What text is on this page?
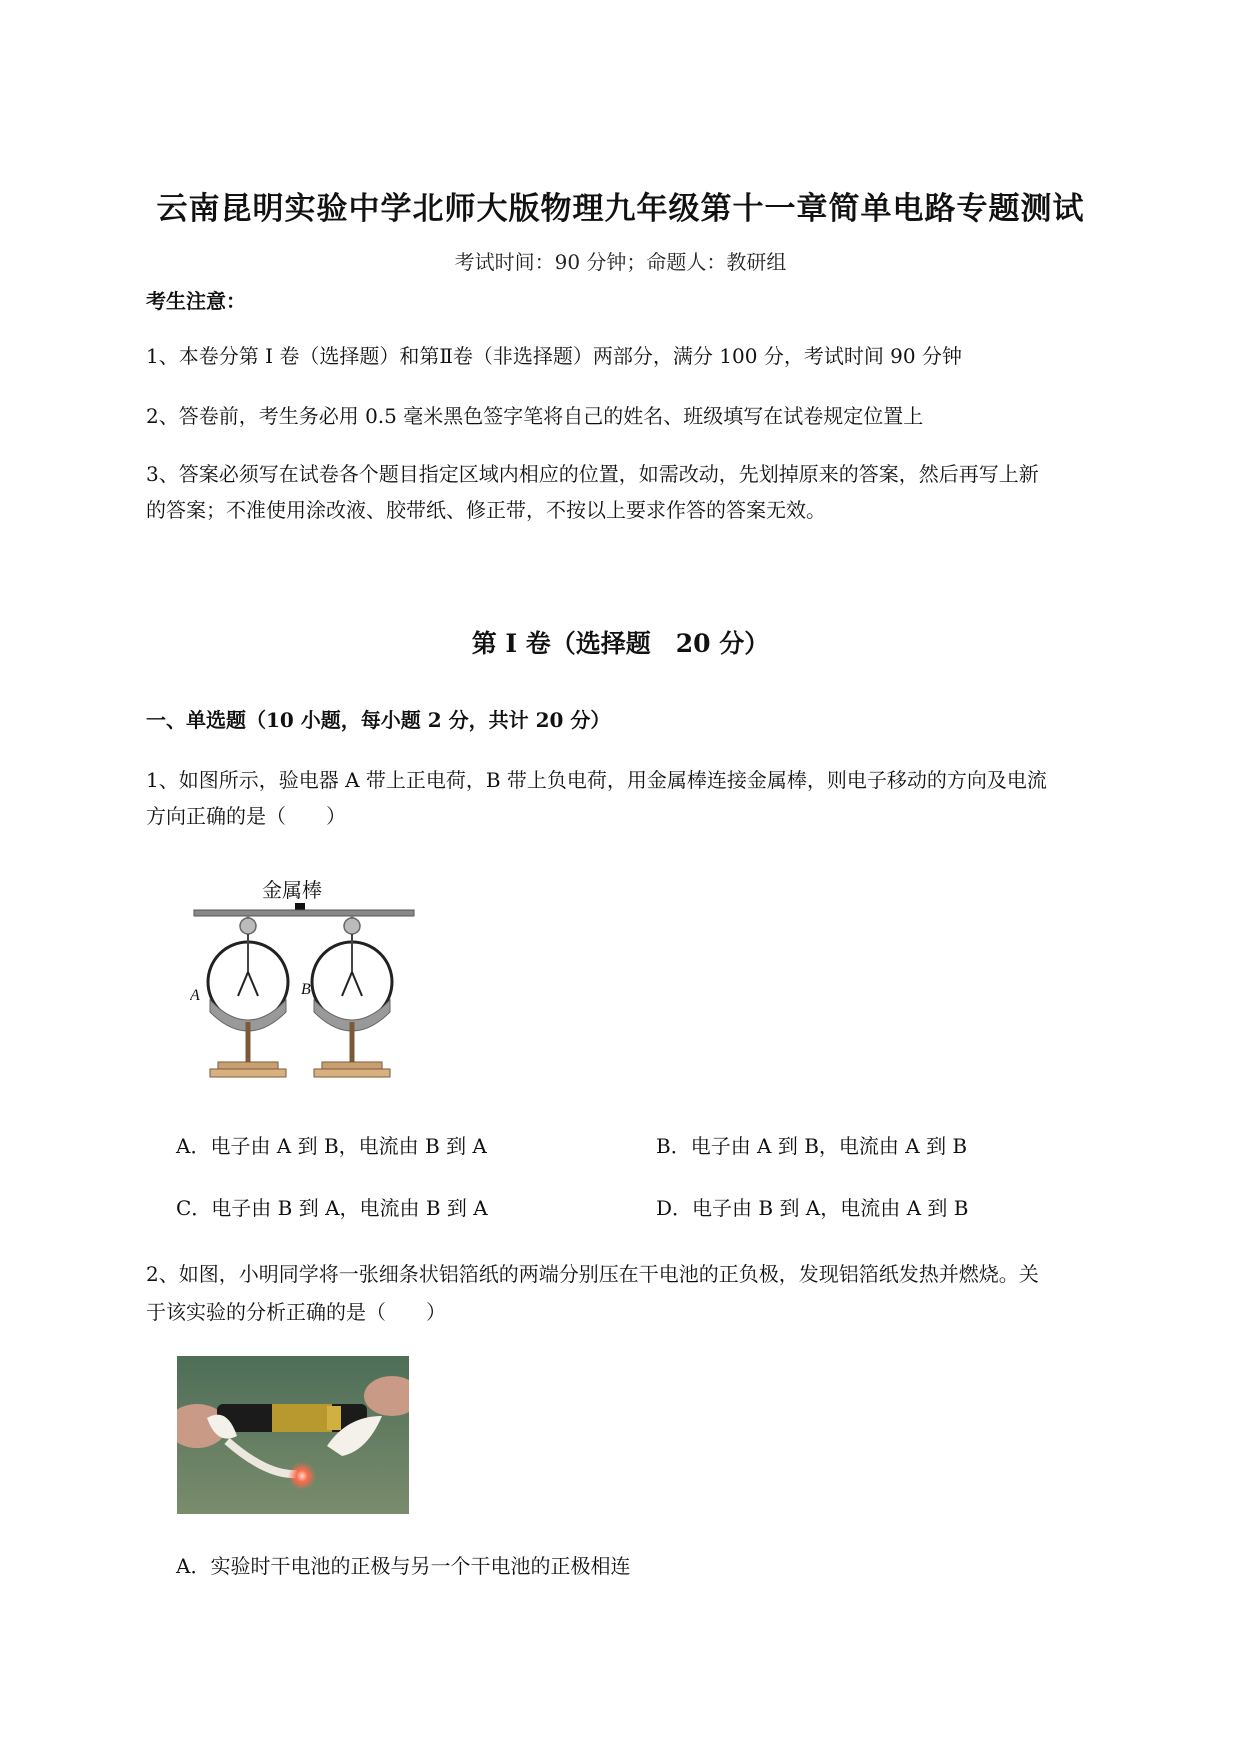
云南昆明实验中学北师大版物理九年级第十一章简单电路专题测试
考试时间：90 分钟；命题人：教研组
考生注意：
1、本卷分第 I 卷（选择题）和第Ⅱ卷（非选择题）两部分，满分 100 分，考试时间 90 分钟
2、答卷前，考生务必用 0.5 毫米黑色签字笔将自己的姓名、班级填写在试卷规定位置上
3、答案必须写在试卷各个题目指定区域内相应的位置，如需改动，先划掉原来的答案，然后再写上新
的答案；不准使用涂改液、胶带纸、修正带，不按以上要求作答的答案无效。
第 I 卷（选择题　20 分）
一、单选题（10 小题，每小题 2 分，共计 20 分）
1、如图所示，验电器 A 带上正电荷，B 带上负电荷，用金属棒连接金属棒，则电子移动的方向及电流
方向正确的是（　　）
金属棒
A	B
A．电子由 A 到 B，电流由 B 到 A	B．电子由 A 到 B，电流由 A 到 B
C．电子由 B 到 A，电流由 B 到 A	D．电子由 B 到 A，电流由 A 到 B
2、如图，小明同学将一张细条状铝箔纸的两端分别压在干电池的正负极，发现铝箔纸发热并燃烧。关
于该实验的分析正确的是（　　）
A．实验时干电池的正极与另一个干电池的正极相连
